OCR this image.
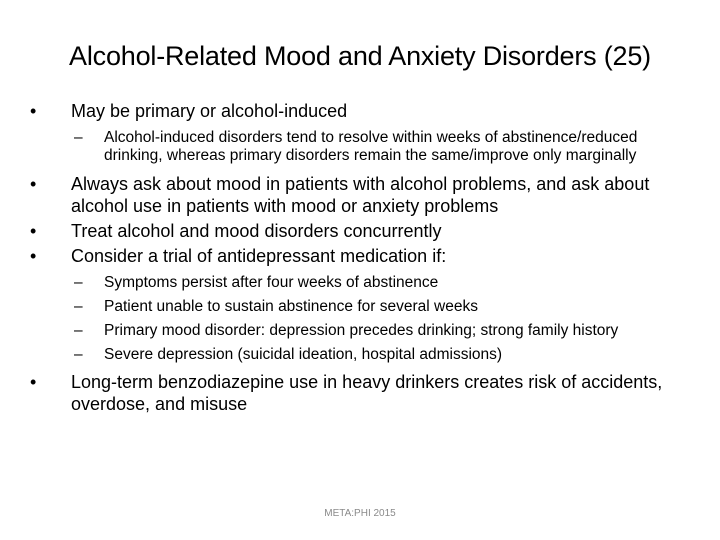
Alcohol-Related Mood and Anxiety Disorders (25)
• May be primary or alcohol-induced
– Alcohol-induced disorders tend to resolve within weeks of abstinence/reduced drinking, whereas primary disorders remain the same/improve only marginally
• Always ask about mood in patients with alcohol problems, and ask about alcohol use in patients with mood or anxiety problems
• Treat alcohol and mood disorders concurrently
• Consider a trial of antidepressant medication if:
– Symptoms persist after four weeks of abstinence
– Patient unable to sustain abstinence for several weeks
– Primary mood disorder: depression precedes drinking; strong family history
– Severe depression (suicidal ideation, hospital admissions)
• Long-term benzodiazepine use in heavy drinkers creates risk of accidents, overdose, and misuse
META:PHI 2015
